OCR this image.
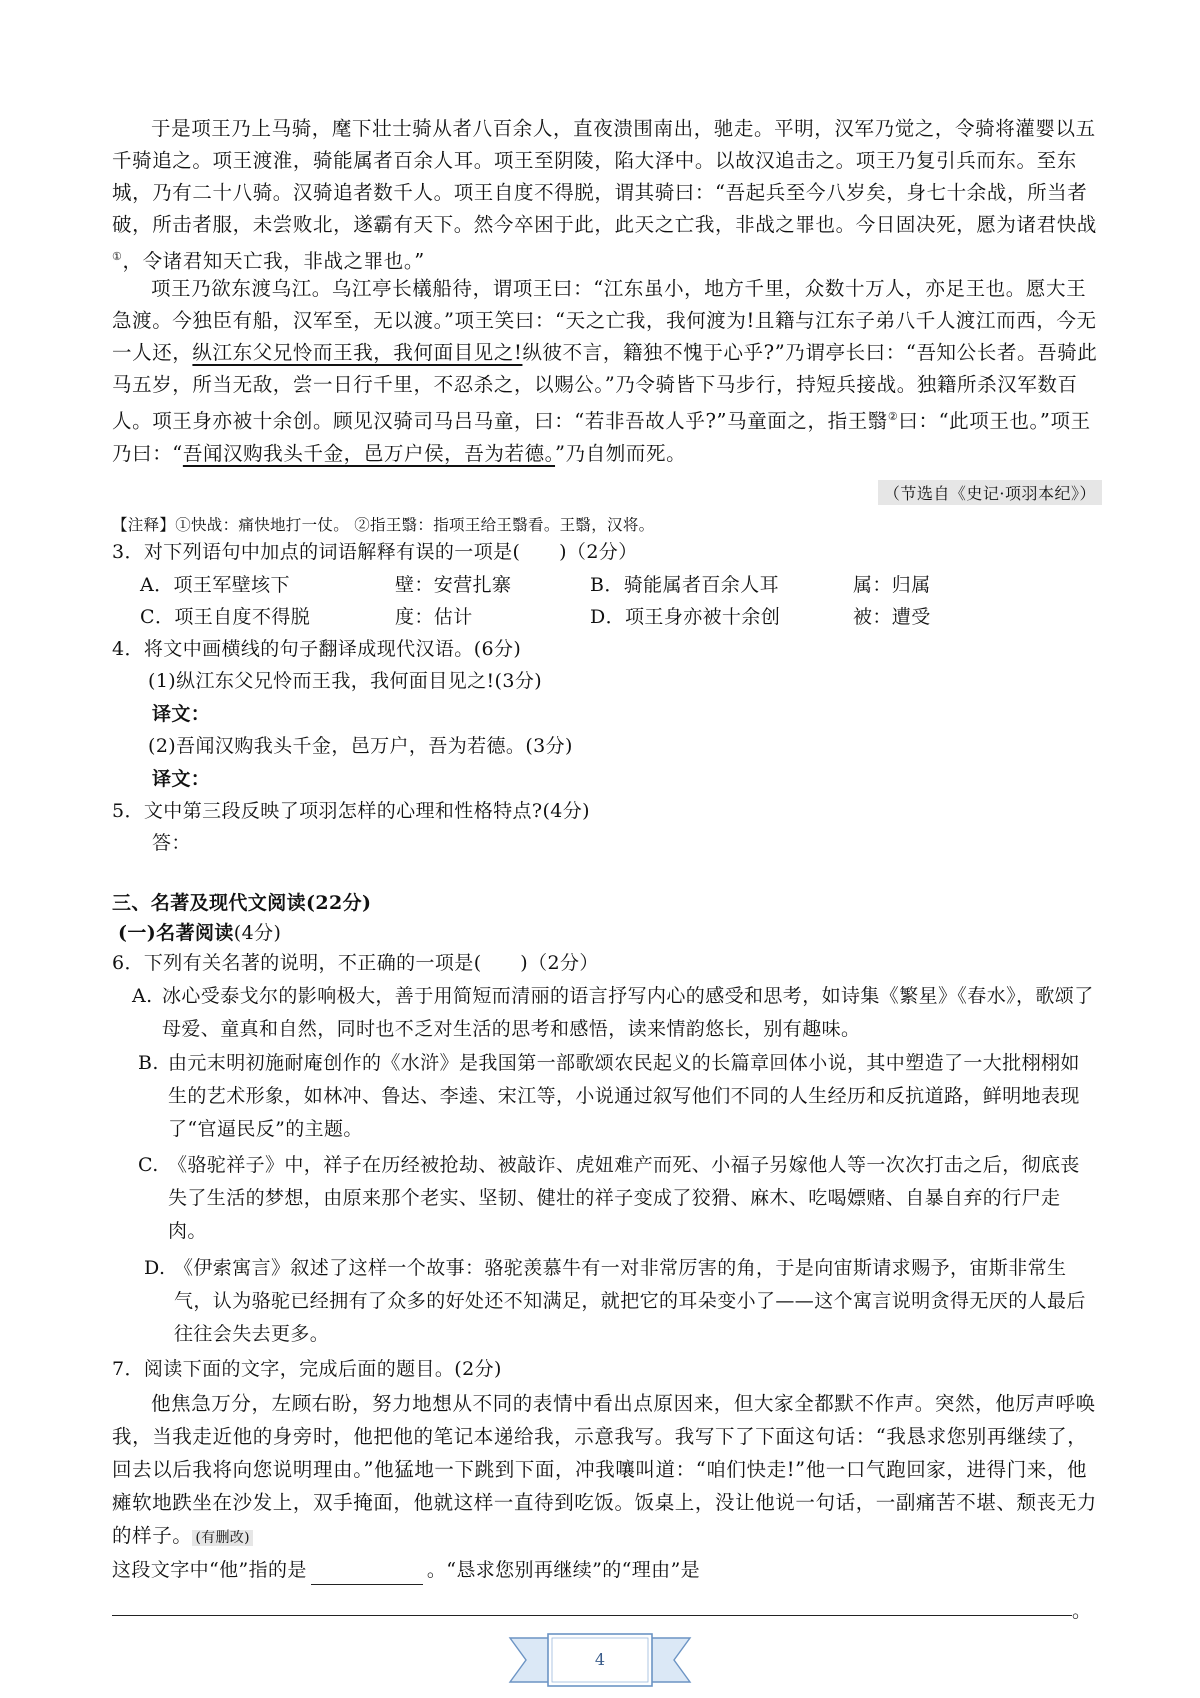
于是项王乃上马骑，麾下壮士骑从者八百余人，直夜溃围南出，驰走。平明，汉军乃觉之，令骑将灌婴以五千骑追之。项王渡淮，骑能属者百余人耳。项王至阴陵，陷大泽中。以故汉追击之。项王乃复引兵而东。至东城，乃有二十八骑。汉骑追者数千人。项王自度不得脱，谓其骑曰：“吾起兵至今八岁矣，身七十余战，所当者破，所击者服，未尝败北，遂霸有天下。然今卒困于此，此天之亡我，非战之罪也。今日固决死，愿为诸君快战①，令诸君知天亡我，非战之罪也。”
项王乃欲东渡乌江。乌江亭长檥船待，谓项王曰：“江东虽小，地方千里，众数十万人，亦足王也。愿大王急渡。今独臣有船，汉军至，无以渡。”项王笑曰：“天之亡我，我何渡为!且籍与江东子弟八千人渡江而西，今无一人还，纵江东父兄怜而王我，我何面目见之!纵彼不言，籍独不愧于心乎?”乃谓亭长曰：“吾知公长者。吾骑此马五岁，所当无敌，尝一日行千里，不忍杀之，以赐公。”乃令骑皆下马步行，持短兵接战。独籍所杀汉军数百人。项王身亦被十余创。顾见汉骑司马吕马童，曰：“若非吾故人乎?”马童面之，指王翳②曰：“此项王也。”项王乃曰：“吾闻汉购我头千金，邑万户侯，吾为若德。”乃自刎而死。
（节选自《史记·项羽本纪》）
【注释】①快战：痛快地打一仗。 ②指王翳：指项王给王翳看。王翳，汉将。
3．对下列语句中加点的词语解释有误的一项是(　　)（2分）
A．项王军壁垓下	壁：安营扎寨	B．骑能属者百余人耳	属：归属
C．项王自度不得脱	度：估计	D．项王身亦被十余创	被：遭受
4．将文中画横线的句子翻译成现代汉语。(6分)
(1)纵江东父兄怜而王我，我何面目见之!(3分)
译文：
(2)吾闻汉购我头千金，邑万户，吾为若德。(3分)
译文：
5．文中第三段反映了项羽怎样的心理和性格特点?(4分)
答：
三、名著及现代文阅读(22分)
(一)名著阅读(4分)
6．下列有关名著的说明，不正确的一项是(　　)（2分）
A. 冰心受泰戈尔的影响极大，善于用简短而清丽的语言抒写内心的感受和思考，如诗集《繁星》《春水》，歌颂了母爱、童真和自然，同时也不乏对生活的思考和感悟，读来情韵悠长，别有趣味。
B. 由元末明初施耐庵创作的《水浒》是我国第一部歌颂农民起义的长篇章回体小说，其中塑造了一大批栩栩如生的艺术形象，如林冲、鲁达、李逵、宋江等，小说通过叙写他们不同的人生经历和反抗道路，鲜明地表现了“官逼民反”的主题。
C. 《骆驼祥子》中，祥子在历经被抢劫、被敲诈、虎妞难产而死、小福子另嫁他人等一次次打击之后，彻底丧失了生活的梦想，由原来那个老实、坚韧、健壮的祥子变成了狡猾、麻木、吃喝嫖赌、自暴自弃的行尸走肉。
D. 《伊索寓言》叙述了这样一个故事：骆驼羡慕牛有一对非常厉害的角，于是向宙斯请求赐予，宙斯非常生气，认为骆驼已经拥有了众多的好处还不知满足，就把它的耳朵变小了——这个寓言说明贪得无厌的人最后往往会失去更多。
7．阅读下面的文字，完成后面的题目。(2分)
他焦急万分，左顾右盼，努力地想从不同的表情中看出点原因来，但大家全都默不作声。突然，他厉声呼唤我，当我走近他的身旁时，他把他的笔记本递给我，示意我写。我写下了下面这句话：“我恳求您别再继续了，回去以后我将向您说明理由。”他猛地一下跳到下面，冲我嚷叫道：“咱们快走!”他一口气跑回家，进得门来，他瘫软地跌坐在沙发上，双手掩面，他就这样一直待到吃饭。饭桌上，没让他说一句话，一副痛苦不堪、颓丧无力的样子。 (有删改)
这段文字中“他”指的是	。“恳求您别再继续”的“理由”是
。
4
